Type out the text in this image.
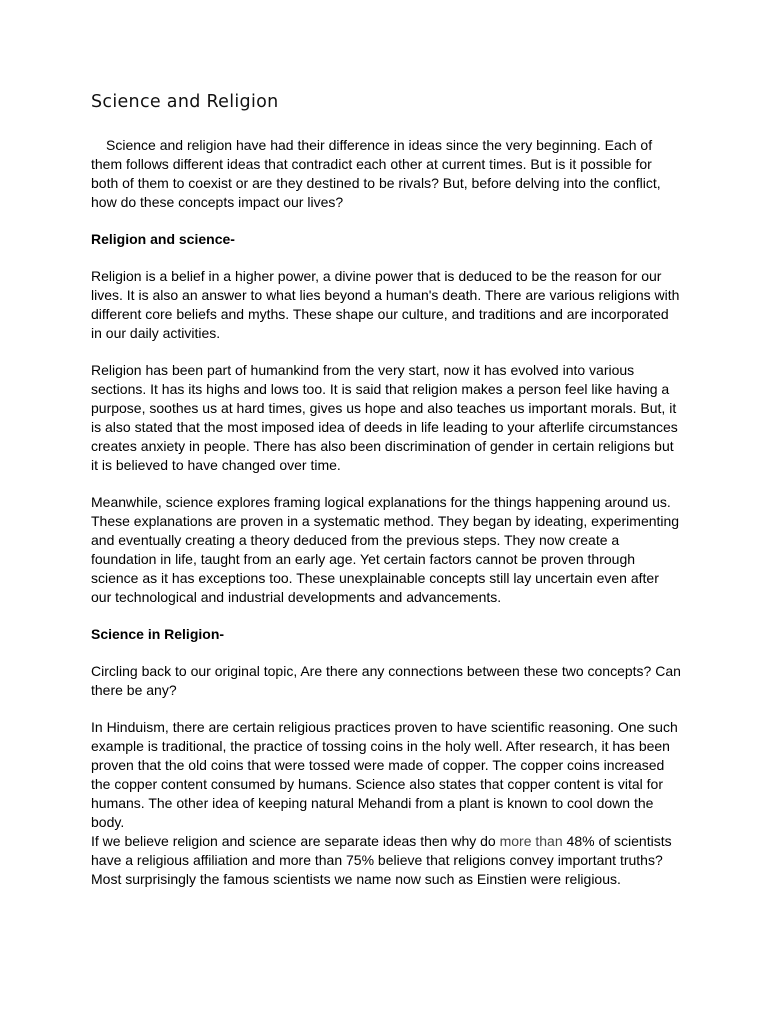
Science and Religion

Science and religion have had their difference in ideas since the very beginning. Each of them follows different ideas that contradict each other at current times. But is it possible for both of them to coexist or are they destined to be rivals? But, before delving into the conflict, how do these concepts impact our lives?

Religion and science-

Religion is a belief in a higher power, a divine power that is deduced to be the reason for our lives. It is also an answer to what lies beyond a human's death. There are various religions with different core beliefs and myths. These shape our culture, and traditions and are incorporated in our daily activities.

Religion has been part of humankind from the very start, now it has evolved into various sections. It has its highs and lows too. It is said that religion makes a person feel like having a purpose, soothes us at hard times, gives us hope and also teaches us important morals. But, it is also stated that the most imposed idea of deeds in life leading to your afterlife circumstances creates anxiety in people. There has also been discrimination of gender in certain religions but it is believed to have changed over time.

Meanwhile, science explores framing logical explanations for the things happening around us. These explanations are proven in a systematic method. They began by ideating, experimenting and eventually creating a theory deduced from the previous steps. They now create a foundation in life, taught from an early age. Yet certain factors cannot be proven through science as it has exceptions too. These unexplainable concepts still lay uncertain even after our technological and industrial developments and advancements.

Science in Religion-

Circling back to our original topic, Are there any connections between these two concepts? Can there be any?

In Hinduism, there are certain religious practices proven to have scientific reasoning. One such example is traditional, the practice of tossing coins in the holy well. After research, it has been proven that the old coins that were tossed were made of copper. The copper coins increased the copper content consumed by humans. Science also states that copper content is vital for humans. The other idea of keeping natural Mehandi from a plant is known to cool down the body.

If we believe religion and science are separate ideas then why do more than 48% of scientists have a religious affiliation and more than 75% believe that religions convey important truths? Most surprisingly the famous scientists we name now such as Einstien were religious.
